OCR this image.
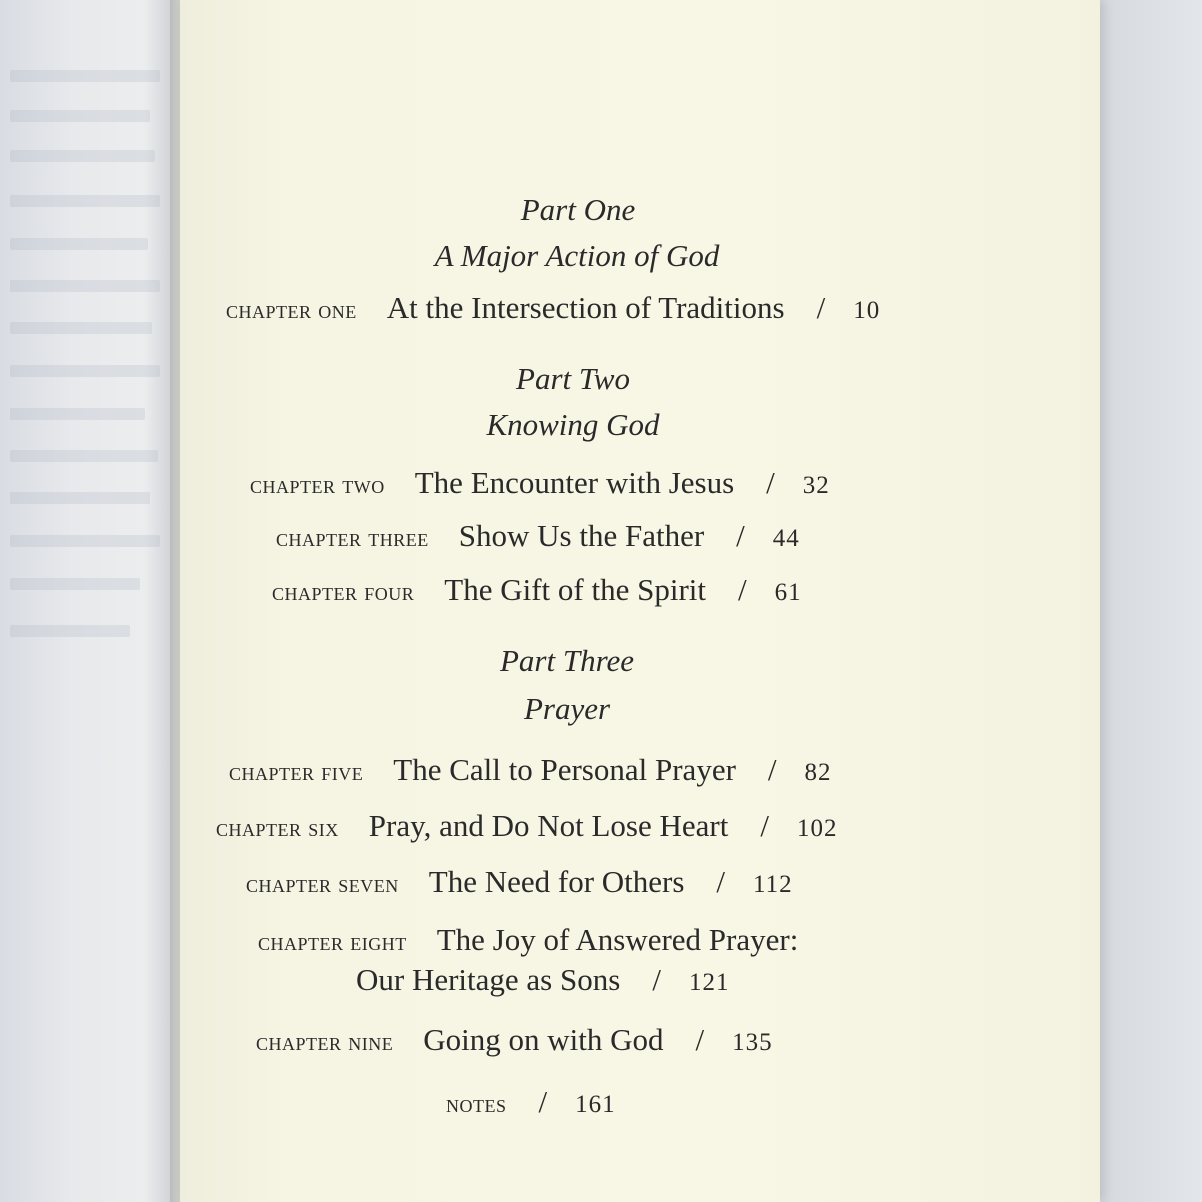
Part One
A Major Action of God
chapter one At the Intersection of Traditions / 10
Part Two
Knowing God
chapter two The Encounter with Jesus / 32
chapter three Show Us the Father / 44
chapter four The Gift of the Spirit / 61
Part Three
Prayer
chapter five The Call to Personal Prayer / 82
chapter six Pray, and Do Not Lose Heart / 102
chapter seven The Need for Others / 112
chapter eight The Joy of Answered Prayer:
Our Heritage as Sons / 121
chapter nine Going on with God / 135
notes / 161
